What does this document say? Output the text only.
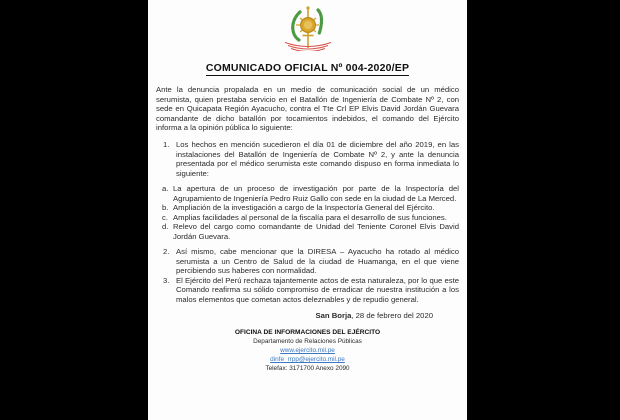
COMUNICADO OFICIAL Nº 004-2020/EP

Ante la denuncia propalada en un medio de comunicación social de un médico serumista, quien prestaba servicio en el Batallón de Ingeniería de Combate Nº 2, con sede en Quicapata Región Ayacucho, contra el Tte Crl EP Elvis David Jordán Guevara comandante de dicho batallón por tocamientos indebidos, el comando del Ejército informa a la opinión pública lo siguiente:

1. Los hechos en mención sucedieron el día 01 de diciembre del año 2019, en las instalaciones del Batallón de Ingeniería de Combate Nº 2, y ante la denuncia presentada por el médico serumista este comando dispuso en forma inmediata lo siguiente:
a. La apertura de un proceso de investigación por parte de la Inspectoría del Agrupamiento de Ingeniería Pedro Ruiz Gallo con sede en la ciudad de La Merced.
b. Ampliación de la investigación a cargo de la Inspectoría General del Ejército.
c. Amplias facilidades al personal de la fiscalía para el desarrollo de sus funciones.
d. Relevo del cargo como comandante de Unidad del Teniente Coronel Elvis David Jordán Guevara.
2. Así mismo, cabe mencionar que la DIRESA – Ayacucho ha rotado al médico serumista a un Centro de Salud de la ciudad de Huamanga, en el que viene percibiendo sus haberes con normalidad.
3. El Ejército del Perú rechaza tajantemente actos de esta naturaleza, por lo que este Comando reafirma su sólido compromiso de erradicar de nuestra institución a los malos elementos que cometan actos deleznables y de repudio general.
San Borja, 28 de febrero del 2020
OFICINA DE INFORMACIONES DEL EJÉRCITO
Departamento de Relaciones Públicas
www.ejercito.mil.pe
dinfe_rrpp@ejercito.mil.pe
Telefax: 3171700 Anexo 2090
